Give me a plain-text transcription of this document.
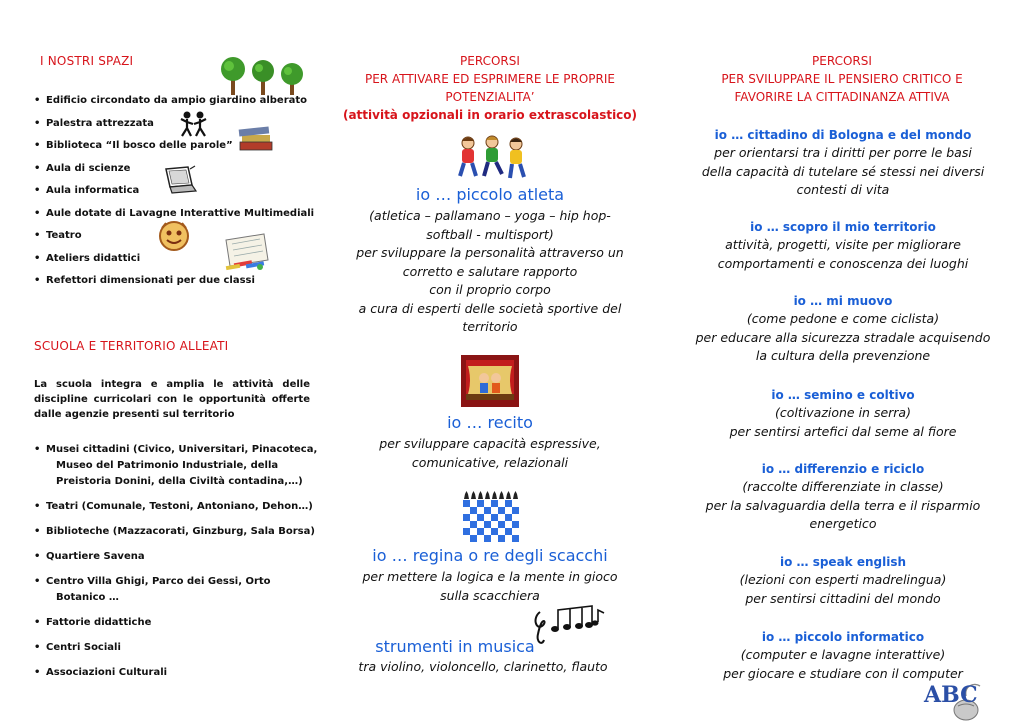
I NOSTRI SPAZI
• Edificio circondato da ampio giardino alberato
• Palestra attrezzata
• Biblioteca “Il bosco delle parole”
• Aula di scienze
• Aula informatica
• Aule dotate di Lavagne Interattive Multimediali
• Teatro
• Ateliers didattici
• Refettori dimensionati per due classi
SCUOLA E TERRITORIO ALLEATI
La scuola integra e amplia le attività delle discipline curricolari con le opportunità offerte dalle agenzie presenti sul territorio
• Musei cittadini (Civico, Universitari, Pinacoteca,
Museo del Patrimonio Industriale, della
Preistoria Donini, della Civiltà contadina,…)
• Teatri (Comunale, Testoni, Antoniano, Dehon…)
• Biblioteche (Mazzacorati, Ginzburg, Sala Borsa)
• Quartiere Savena
• Centro Villa Ghigi, Parco dei Gessi, Orto
Botanico …
• Fattorie didattiche
• Centri Sociali
• Associazioni Culturali
PERCORSI
PER ATTIVARE ED ESPRIMERE LE PROPRIE
POTENZIALITA’
(attività opzionali in orario extrascolastico)
io … piccolo atleta
(atletica – pallamano – yoga – hip hop-
softball - multisport)
per sviluppare la personalità attraverso un
corretto e salutare rapporto
con il proprio corpo
a cura di esperti delle società sportive del
territorio
io … recito
per sviluppare capacità espressive,
comunicative, relazionali
io … regina o re degli scacchi
per mettere la logica e la mente in gioco
sulla scacchiera
strumenti in musica
tra violino, violoncello, clarinetto, flauto
PERCORSI
PER SVILUPPARE IL PENSIERO CRITICO E
FAVORIRE LA CITTADINANZA ATTIVA
io … cittadino di Bologna e del mondo
per orientarsi tra i diritti per porre le basi
della capacità di tutelare sé stessi nei diversi
contesti di vita
io … scopro il mio territorio
attività, progetti, visite per migliorare
comportamenti e conoscenza dei luoghi
io … mi muovo
(come pedone e come ciclista)
per educare alla sicurezza stradale acquisendo
la cultura della prevenzione
io … semino e coltivo
(coltivazione in serra)
per sentirsi artefici dal seme al fiore
io … differenzio e riciclo
(raccolte differenziate in classe)
per la salvaguardia della terra e il risparmio
energetico
io … speak english
(lezioni con esperti madrelingua)
per sentirsi cittadini del mondo
io … piccolo informatico
(computer e lavagne interattive)
per giocare e studiare con il computer
ABC
